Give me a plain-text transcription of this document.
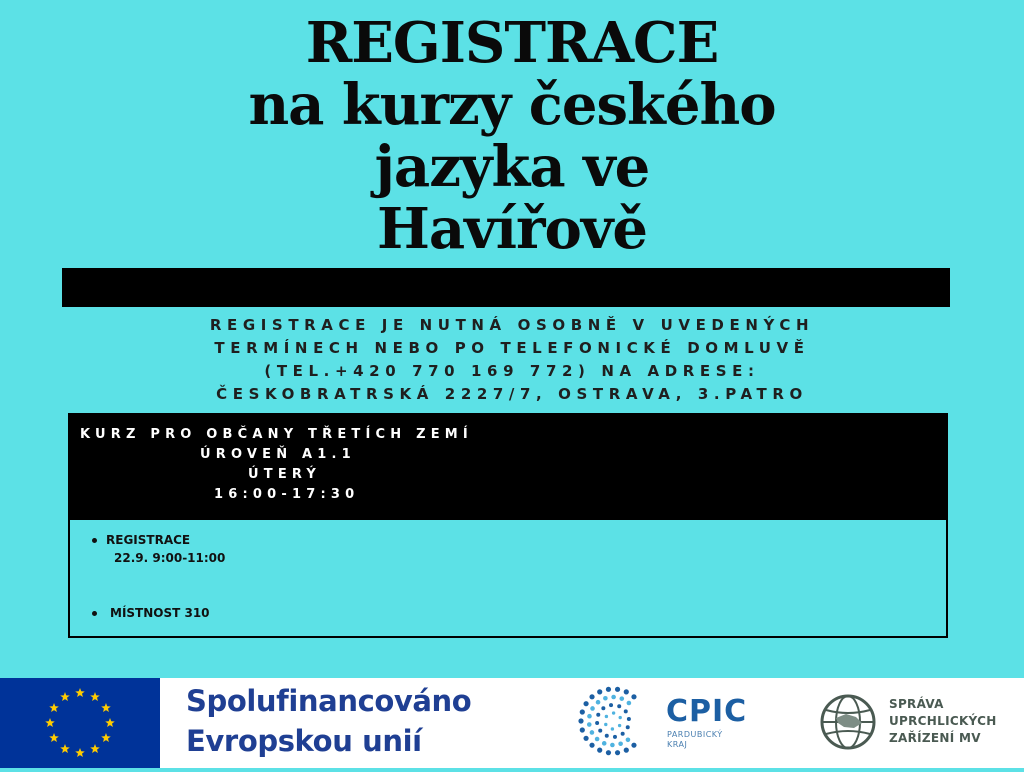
REGISTRACE
na kurzy českého
jazyka ve
Havířově
REGISTRACE JE NUTNÁ OSOBNĚ V UVEDENÝCH
TERMÍNECH NEBO PO TELEFONICKÉ DOMLUVĚ
(TEL.+420 770 169 772) NA ADRESE:
ČESKOBRATRSKÁ 2227/7, OSTRAVA, 3.PATRO
KURZ PRO OBČANY TŘETÍCH ZEMÍ
ÚROVEŇ A1.1
ÚTERÝ
16:00-17:30
REGISTRACE
22.9. 9:00-11:00
MÍSTNOST 310
Spolufinancováno
Evropskou unií
CPIC
PARDUBICKÝ
KRAJ
SPRÁVA
UPRCHLICKÝCH
ZAŘÍZENÍ MV
